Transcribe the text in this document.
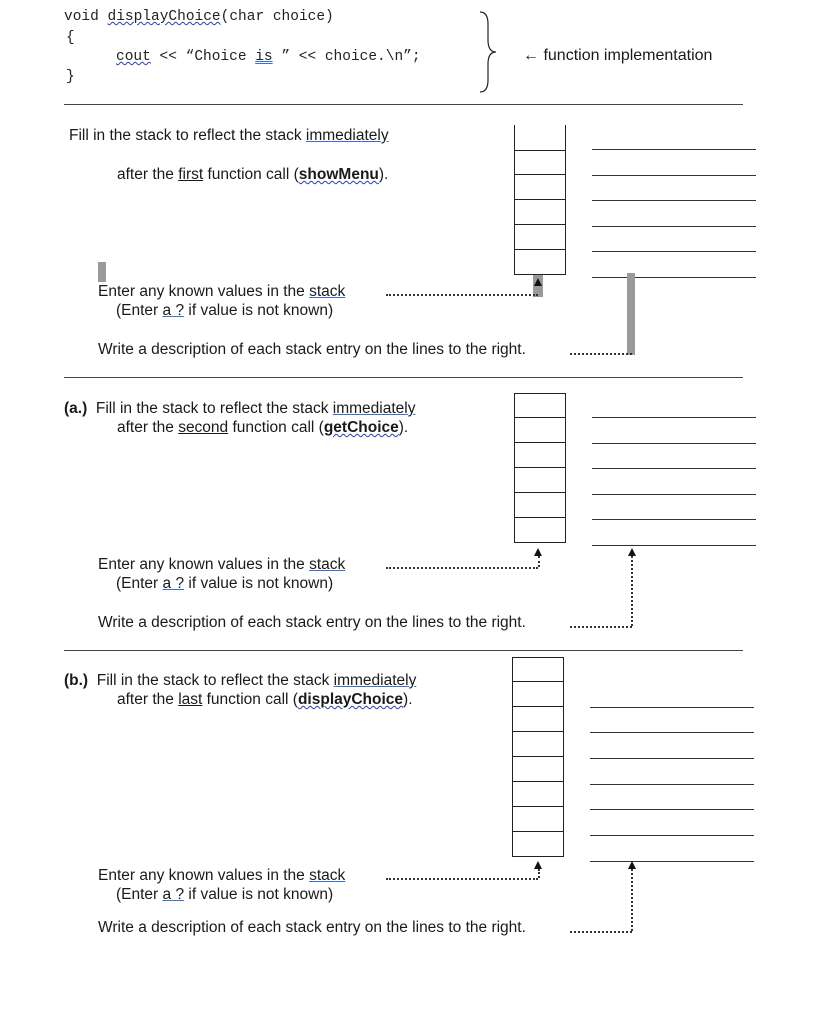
void displayChoice(char choice)
{
cout << “Choice is ” << choice.\n”;
}
← function implementation
Fill in the stack to reflect the stack immediately
after the first function call (showMenu).
Enter any known values in the stack
(Enter a ? if value is not known)
Write a description of each stack entry on the lines to the right.
(a.) Fill in the stack to reflect the stack immediately
after the second function call (getChoice).
Enter any known values in the stack
(Enter a ? if value is not known)
Write a description of each stack entry on the lines to the right.
(b.) Fill in the stack to reflect the stack immediately
after the last function call (displayChoice).
Enter any known values in the stack
(Enter a ? if value is not known)
Write a description of each stack entry on the lines to the right.
